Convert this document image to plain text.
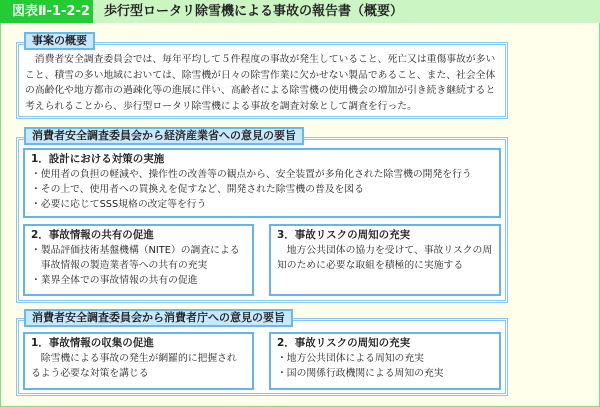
図表Ⅱ-1-2-2 歩行型ロータリ除雪機による事故の報告書（概要）
消費者安全調査委員会では、毎年平均して５件程度の事故が発生していること、死亡又は重傷事故が多いこと、積雪の多い地域においては、除雪機が日々の除雪作業に欠かせない製品であること、また、社会全体の高齢化や地方都市の過疎化等の進展に伴い、高齢者による除雪機の使用機会の増加が引き続き継続すると考えられることから、歩行型ロータリ除雪機による事故を調査対象として調査を行った。
事案の概要
1．設計における対策の実施
・使用者の負担の軽減や、操作性の改善等の観点から、安全装置が多角化された除雪機の開発を行う
・その上で、使用者への買換えを促すなど、開発された除雪機の普及を図る
・必要に応じてSSS規格の改定等を行う
2．事故情報の共有の促進
・製品評価技術基盤機構（NITE）の調査による事故情報の製造業者等への共有の充実
・業界全体での事故情報の共有の促進
3．事故リスクの周知の充実
地方公共団体の協力を受けて、事故リスクの周知のために必要な取組を積極的に実施する
消費者安全調査委員会から経済産業省への意見の要旨
1．事故情報の収集の促進
除雪機による事故の発生が網羅的に把握されるよう必要な対策を講じる
2．事故リスクの周知の充実
・地方公共団体による周知の充実
・国の関係行政機関による周知の充実
消費者安全調査委員会から消費者庁への意見の要旨
